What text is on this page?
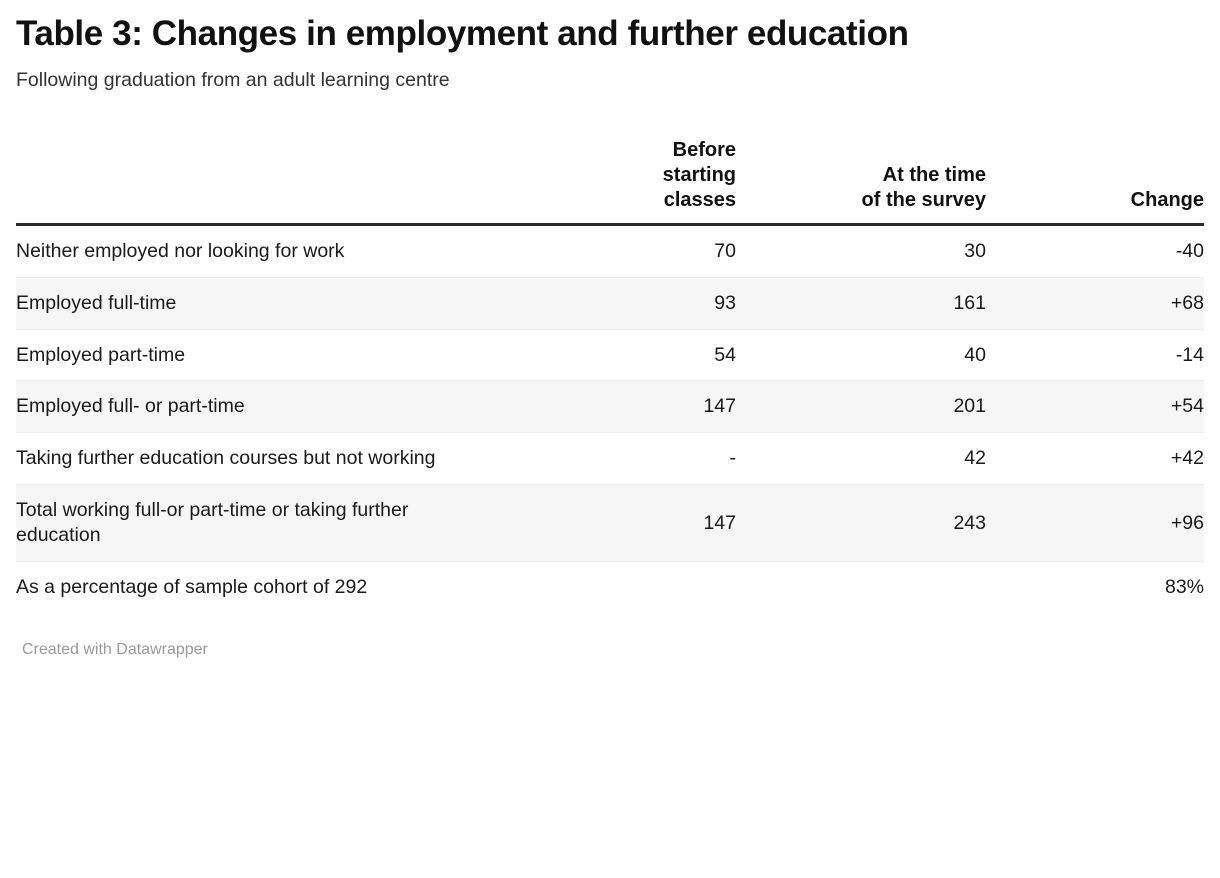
Table 3: Changes in employment and further education

Following graduation from an adult learning centre

	Before
starting
classes	At the time
of the survey	Change
Neither employed nor looking for work	70	30	-40
Employed full-time	93	161	+68
Employed part-time	54	40	-14
Employed full- or part-time	147	201	+54
Taking further education courses but not working	-	42	+42
Total working full-or part-time or taking further education	147	243	+96
As a percentage of sample cohort of 292			83%
Created with Datawrapper
